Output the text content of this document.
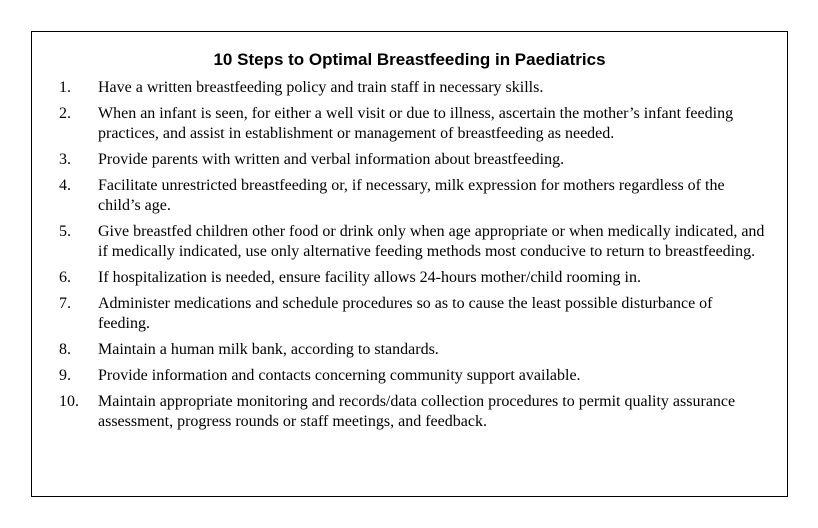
10 Steps to Optimal Breastfeeding in Paediatrics
1. Have a written breastfeeding policy and train staff in necessary skills.
2. When an infant is seen, for either a well visit or due to illness, ascertain the mother’s infant feeding practices, and assist in establishment or management of breastfeeding as needed.
3. Provide parents with written and verbal information about breastfeeding.
4. Facilitate unrestricted breastfeeding or, if necessary, milk expression for mothers regardless of the child’s age.
5. Give breastfed children other food or drink only when age appropriate or when medically indicated, and if medically indicated, use only alternative feeding methods most conducive to return to breastfeeding.
6. If hospitalization is needed, ensure facility allows 24-hours mother/child rooming in.
7. Administer medications and schedule procedures so as to cause the least possible disturbance of feeding.
8. Maintain a human milk bank, according to standards.
9. Provide information and contacts concerning community support available.
10. Maintain appropriate monitoring and records/data collection procedures to permit quality assurance assessment, progress rounds or staff meetings, and feedback.
